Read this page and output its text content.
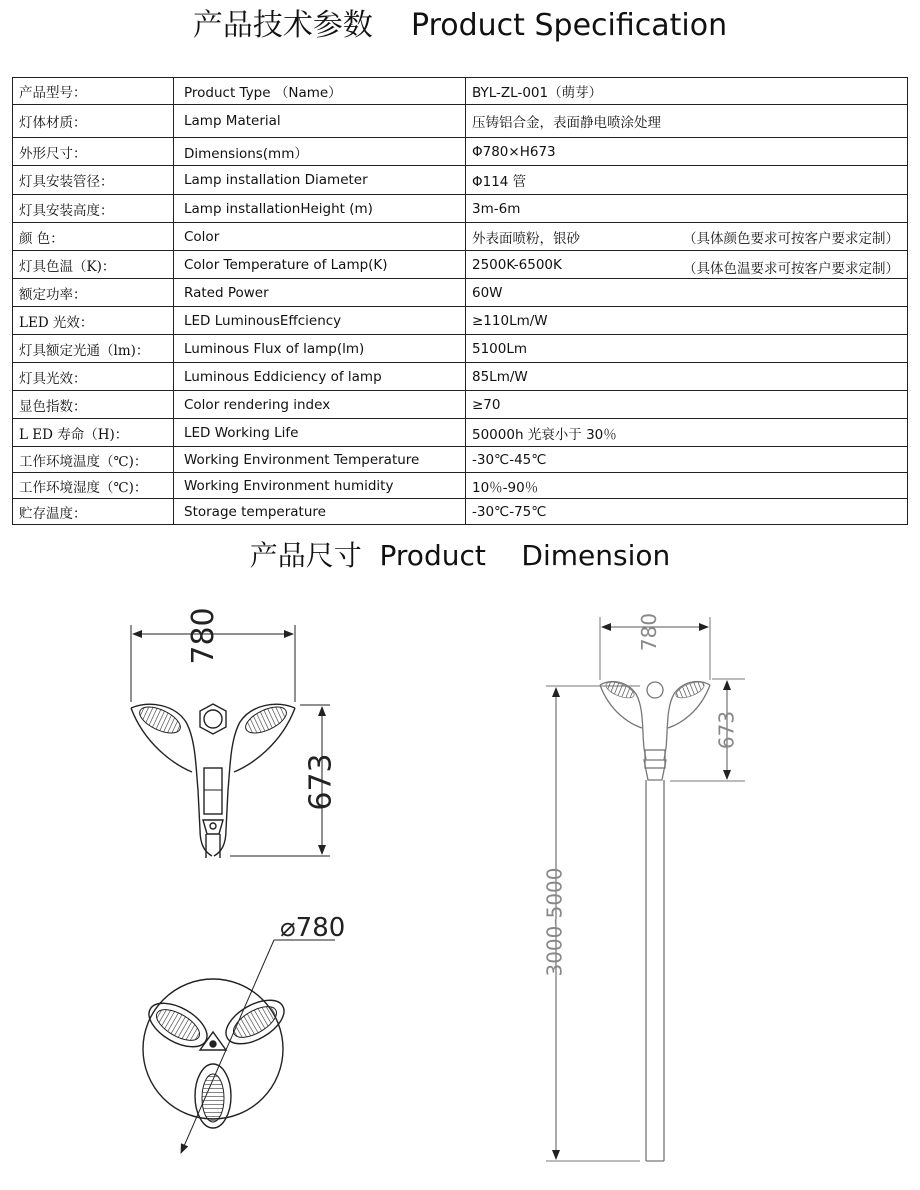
产品技术参数    Product Specification
产品型号：	Product Type （Name）	BYL-ZL-001（萌芽）
灯体材质：	Lamp Material	压铸铝合金，表面静电喷涂处理
外形尺寸：	Dimensions(mm）	Φ780×H673
灯具安装管径：	Lamp installation Diameter	Φ114 管
灯具安装高度：	Lamp installationHeight (m)	3m-6m
颜 色：	Color	外表面喷粉，银砂 （具体颜色要求可按客户要求定制）

灯具色温（K)：	Color Temperature of Lamp(K)	2500K-6500K （具体色温要求可按客户要求定制）

额定功率：	Rated Power	60W
LED 光效：	LED LuminousEffciency	≥110Lm/W
灯具额定光通（lm)：	Luminous Flux of lamp(lm)	5100Lm
灯具光效：	Luminous Eddiciency of lamp	85Lm/W
显色指数：	Color rendering index	≥70
L ED 寿命（H)：	LED Working Life	50000h 光衰小于 30％
工作环境温度（℃)：	Working Environment Temperature	-30℃-45℃
工作环境湿度（℃)：	Working Environment humidity	10％-90％
贮存温度：	Storage temperature	-30℃-75℃
产品尺寸  Product    Dimension
780
673
⌀780
780
673
3000-5000
